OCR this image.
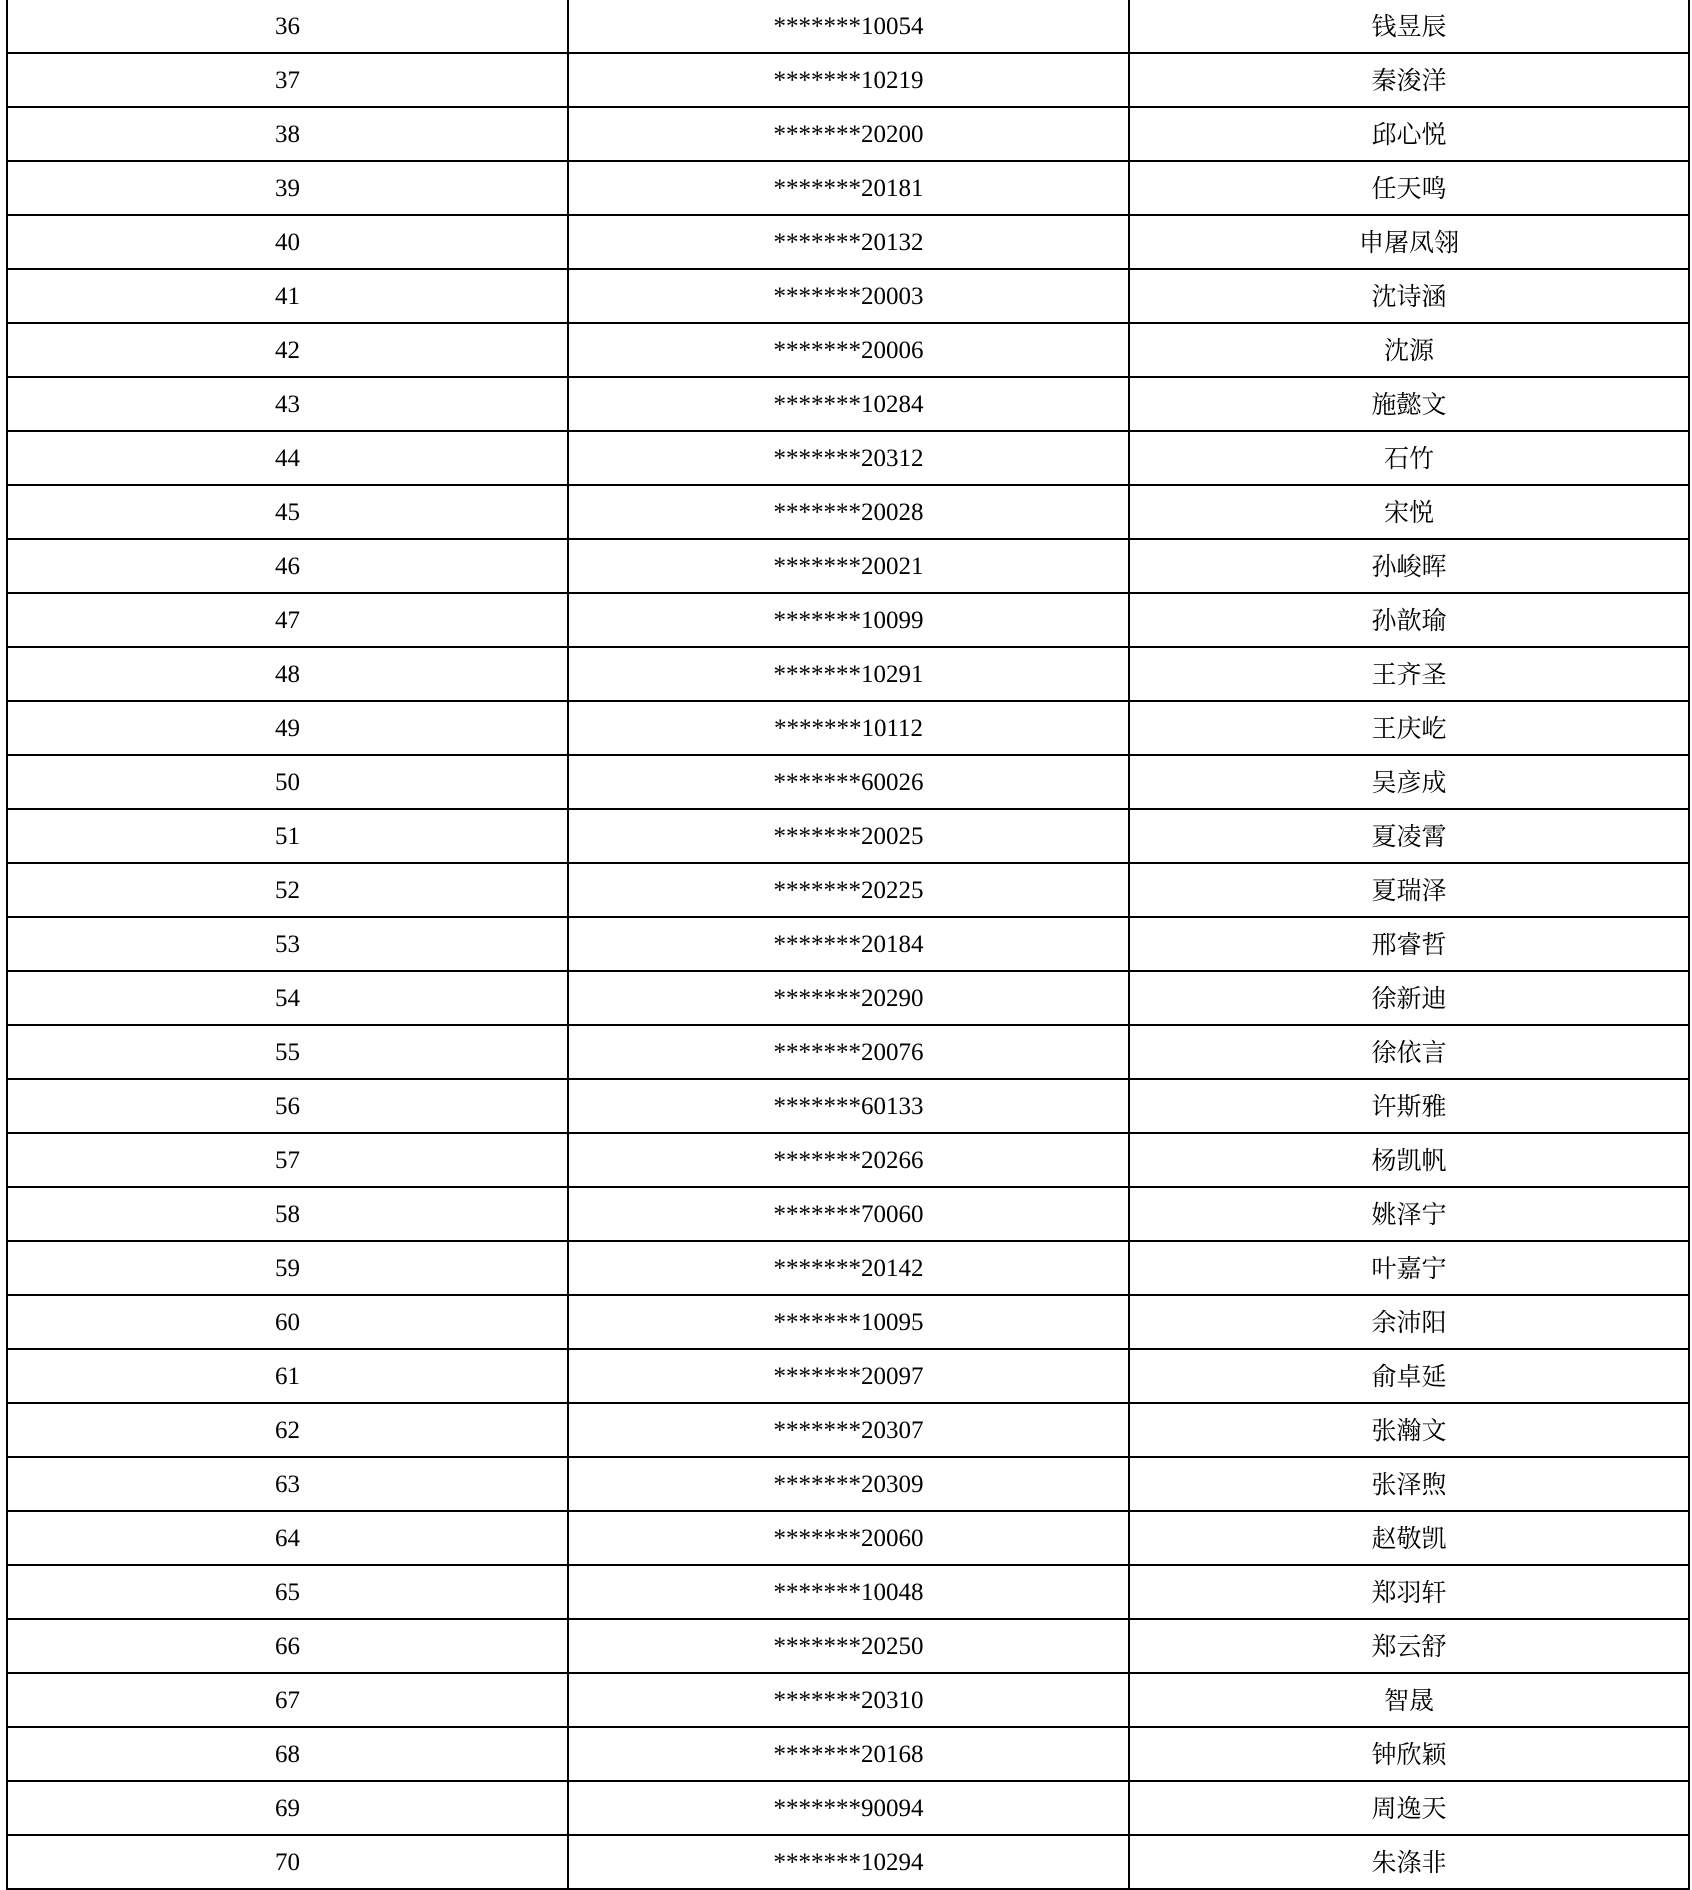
36	*******10054	钱昱辰
37	*******10219	秦浚洋
38	*******20200	邱心悦
39	*******20181	任天鸣
40	*******20132	申屠凤翎
41	*******20003	沈诗涵
42	*******20006	沈源
43	*******10284	施懿文
44	*******20312	石竹
45	*******20028	宋悦
46	*******20021	孙峻晖
47	*******10099	孙歆瑜
48	*******10291	王齐圣
49	*******10112	王庆屹
50	*******60026	吴彦成
51	*******20025	夏凌霄
52	*******20225	夏瑞泽
53	*******20184	邢睿哲
54	*******20290	徐新迪
55	*******20076	徐依言
56	*******60133	许斯雅
57	*******20266	杨凯帆
58	*******70060	姚泽宁
59	*******20142	叶嘉宁
60	*******10095	余沛阳
61	*******20097	俞卓延
62	*******20307	张瀚文
63	*******20309	张泽煦
64	*******20060	赵敬凯
65	*******10048	郑羽轩
66	*******20250	郑云舒
67	*******20310	智晟
68	*******20168	钟欣颖
69	*******90094	周逸天
70	*******10294	朱涤非
